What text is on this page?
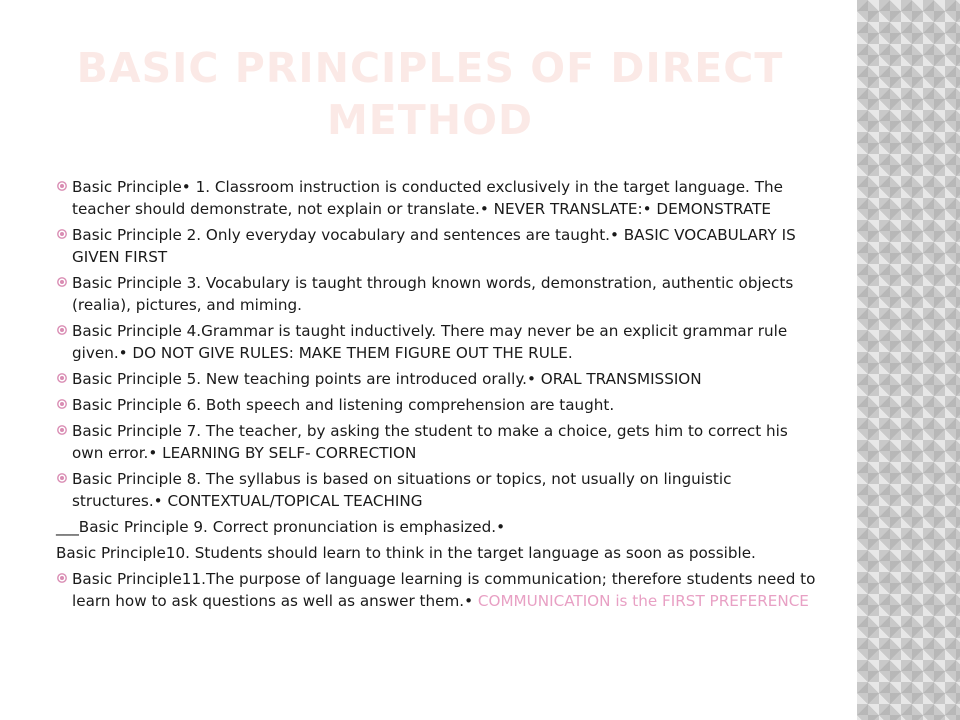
BASIC PRINCIPLES OF DIRECT METHOD
Basic Principle• 1. Classroom instruction is conducted exclusively in the target language. The teacher should demonstrate, not explain or translate.• NEVER TRANSLATE:• DEMONSTRATE
Basic Principle 2. Only everyday vocabulary and sentences are taught.• BASIC VOCABULARY IS GIVEN FIRST
Basic Principle 3. Vocabulary is taught through known words, demonstration, authentic objects (realia), pictures, and miming.
Basic Principle 4.Grammar is taught inductively. There may never be an explicit grammar rule given.• DO NOT GIVE RULES: MAKE THEM FIGURE OUT THE RULE.
Basic Principle 5. New teaching points are introduced orally.• ORAL TRANSMISSION
Basic Principle 6. Both speech and listening comprehension are taught.
Basic Principle 7. The teacher, by asking the student to make a choice, gets him to correct his own error.• LEARNING BY SELF- CORRECTION
Basic Principle 8. The syllabus is based on situations or topics, not usually on linguistic structures.• CONTEXTUAL/TOPICAL TEACHING
___Basic Principle 9. Correct pronunciation is emphasized.•
Basic Principle10. Students should learn to think in the target language as soon as possible.
Basic Principle11.The purpose of language learning is communication; therefore students need to learn how to ask questions as well as answer them.• COMMUNICATION is the FIRST PREFERENCE
